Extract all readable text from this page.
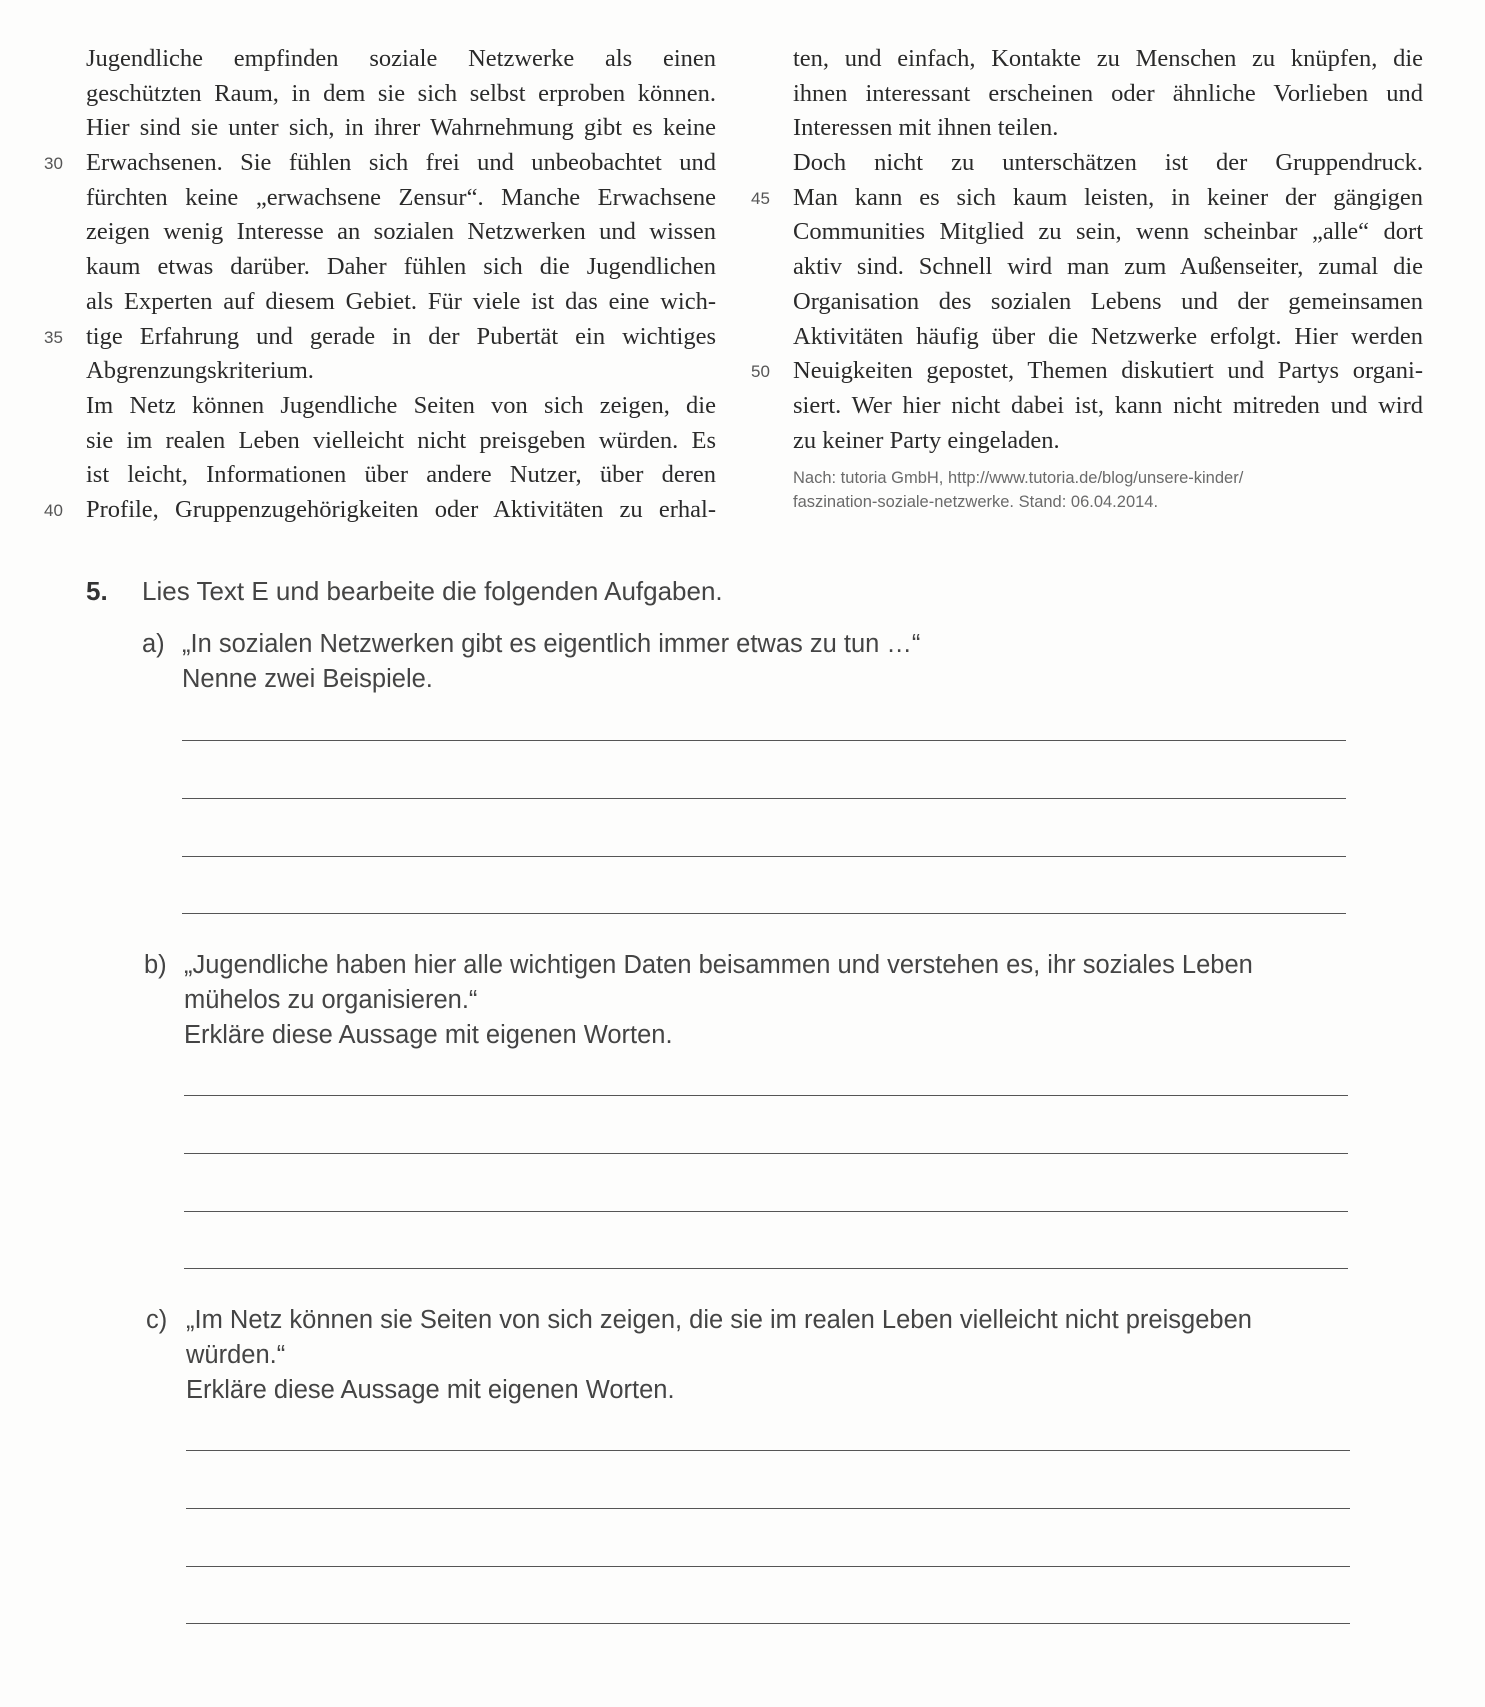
Jugendliche empfinden soziale Netzwerke als einen
geschützten Raum, in dem sie sich selbst erproben können.
Hier sind sie unter sich, in ihrer Wahrnehmung gibt es keine
Erwachsenen. Sie fühlen sich frei und unbeobachtet und
30
fürchten keine „erwachsene Zensur“. Manche Erwachsene
zeigen wenig Interesse an sozialen Netzwerken und wissen
kaum etwas darüber. Daher fühlen sich die Jugendlichen
als Experten auf diesem Gebiet. Für viele ist das eine wich-
tige Erfahrung und gerade in der Pubertät ein wichtiges
35
Abgrenzungskriterium.
Im Netz können Jugendliche Seiten von sich zeigen, die
sie im realen Leben vielleicht nicht preisgeben würden. Es
ist leicht, Informationen über andere Nutzer, über deren
Profile, Gruppenzugehörigkeiten oder Aktivitäten zu erhal-
40
ten, und einfach, Kontakte zu Menschen zu knüpfen, die
ihnen interessant erscheinen oder ähnliche Vorlieben und
Interessen mit ihnen teilen.
Doch nicht zu unterschätzen ist der Gruppendruck.
Man kann es sich kaum leisten, in keiner der gängigen
45
Communities Mitglied zu sein, wenn scheinbar „alle“ dort
aktiv sind. Schnell wird man zum Außenseiter, zumal die
Organisation des sozialen Lebens und der gemeinsamen
Aktivitäten häufig über die Netzwerke erfolgt. Hier werden
Neuigkeiten gepostet, Themen diskutiert und Partys organi-
50
siert. Wer hier nicht dabei ist, kann nicht mitreden und wird
zu keiner Party eingeladen.
Nach: tutoria GmbH, http://www.tutoria.de/blog/unsere-kinder/
faszination-soziale-netzwerke. Stand: 06.04.2014.
5. Lies Text E und bearbeite die folgenden Aufgaben.
a) „In sozialen Netzwerken gibt es eigentlich immer etwas zu tun …“
Nenne zwei Beispiele.
b) „Jugendliche haben hier alle wichtigen Daten beisammen und verstehen es, ihr soziales Leben
mühelos zu organisieren.“
Erkläre diese Aussage mit eigenen Worten.
c) „Im Netz können sie Seiten von sich zeigen, die sie im realen Leben vielleicht nicht preisgeben
würden.“
Erkläre diese Aussage mit eigenen Worten.
